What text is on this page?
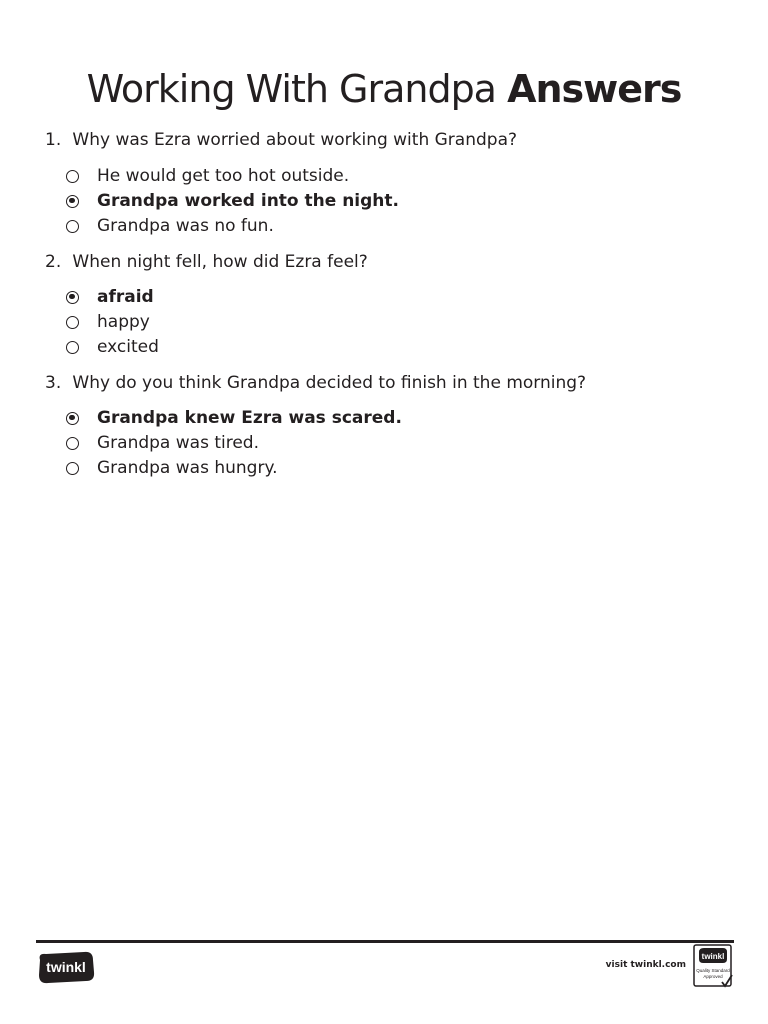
Working With Grandpa Answers
1. Why was Ezra worried about working with Grandpa?
He would get too hot outside.
Grandpa worked into the night.
Grandpa was no fun.
2. When night fell, how did Ezra feel?
afraid
happy
excited
3. Why do you think Grandpa decided to finish in the morning?
Grandpa knew Ezra was scared.
Grandpa was tired.
Grandpa was hungry.
twinkl	visit twinkl.com
twinkl
Quality Standard
Approved
